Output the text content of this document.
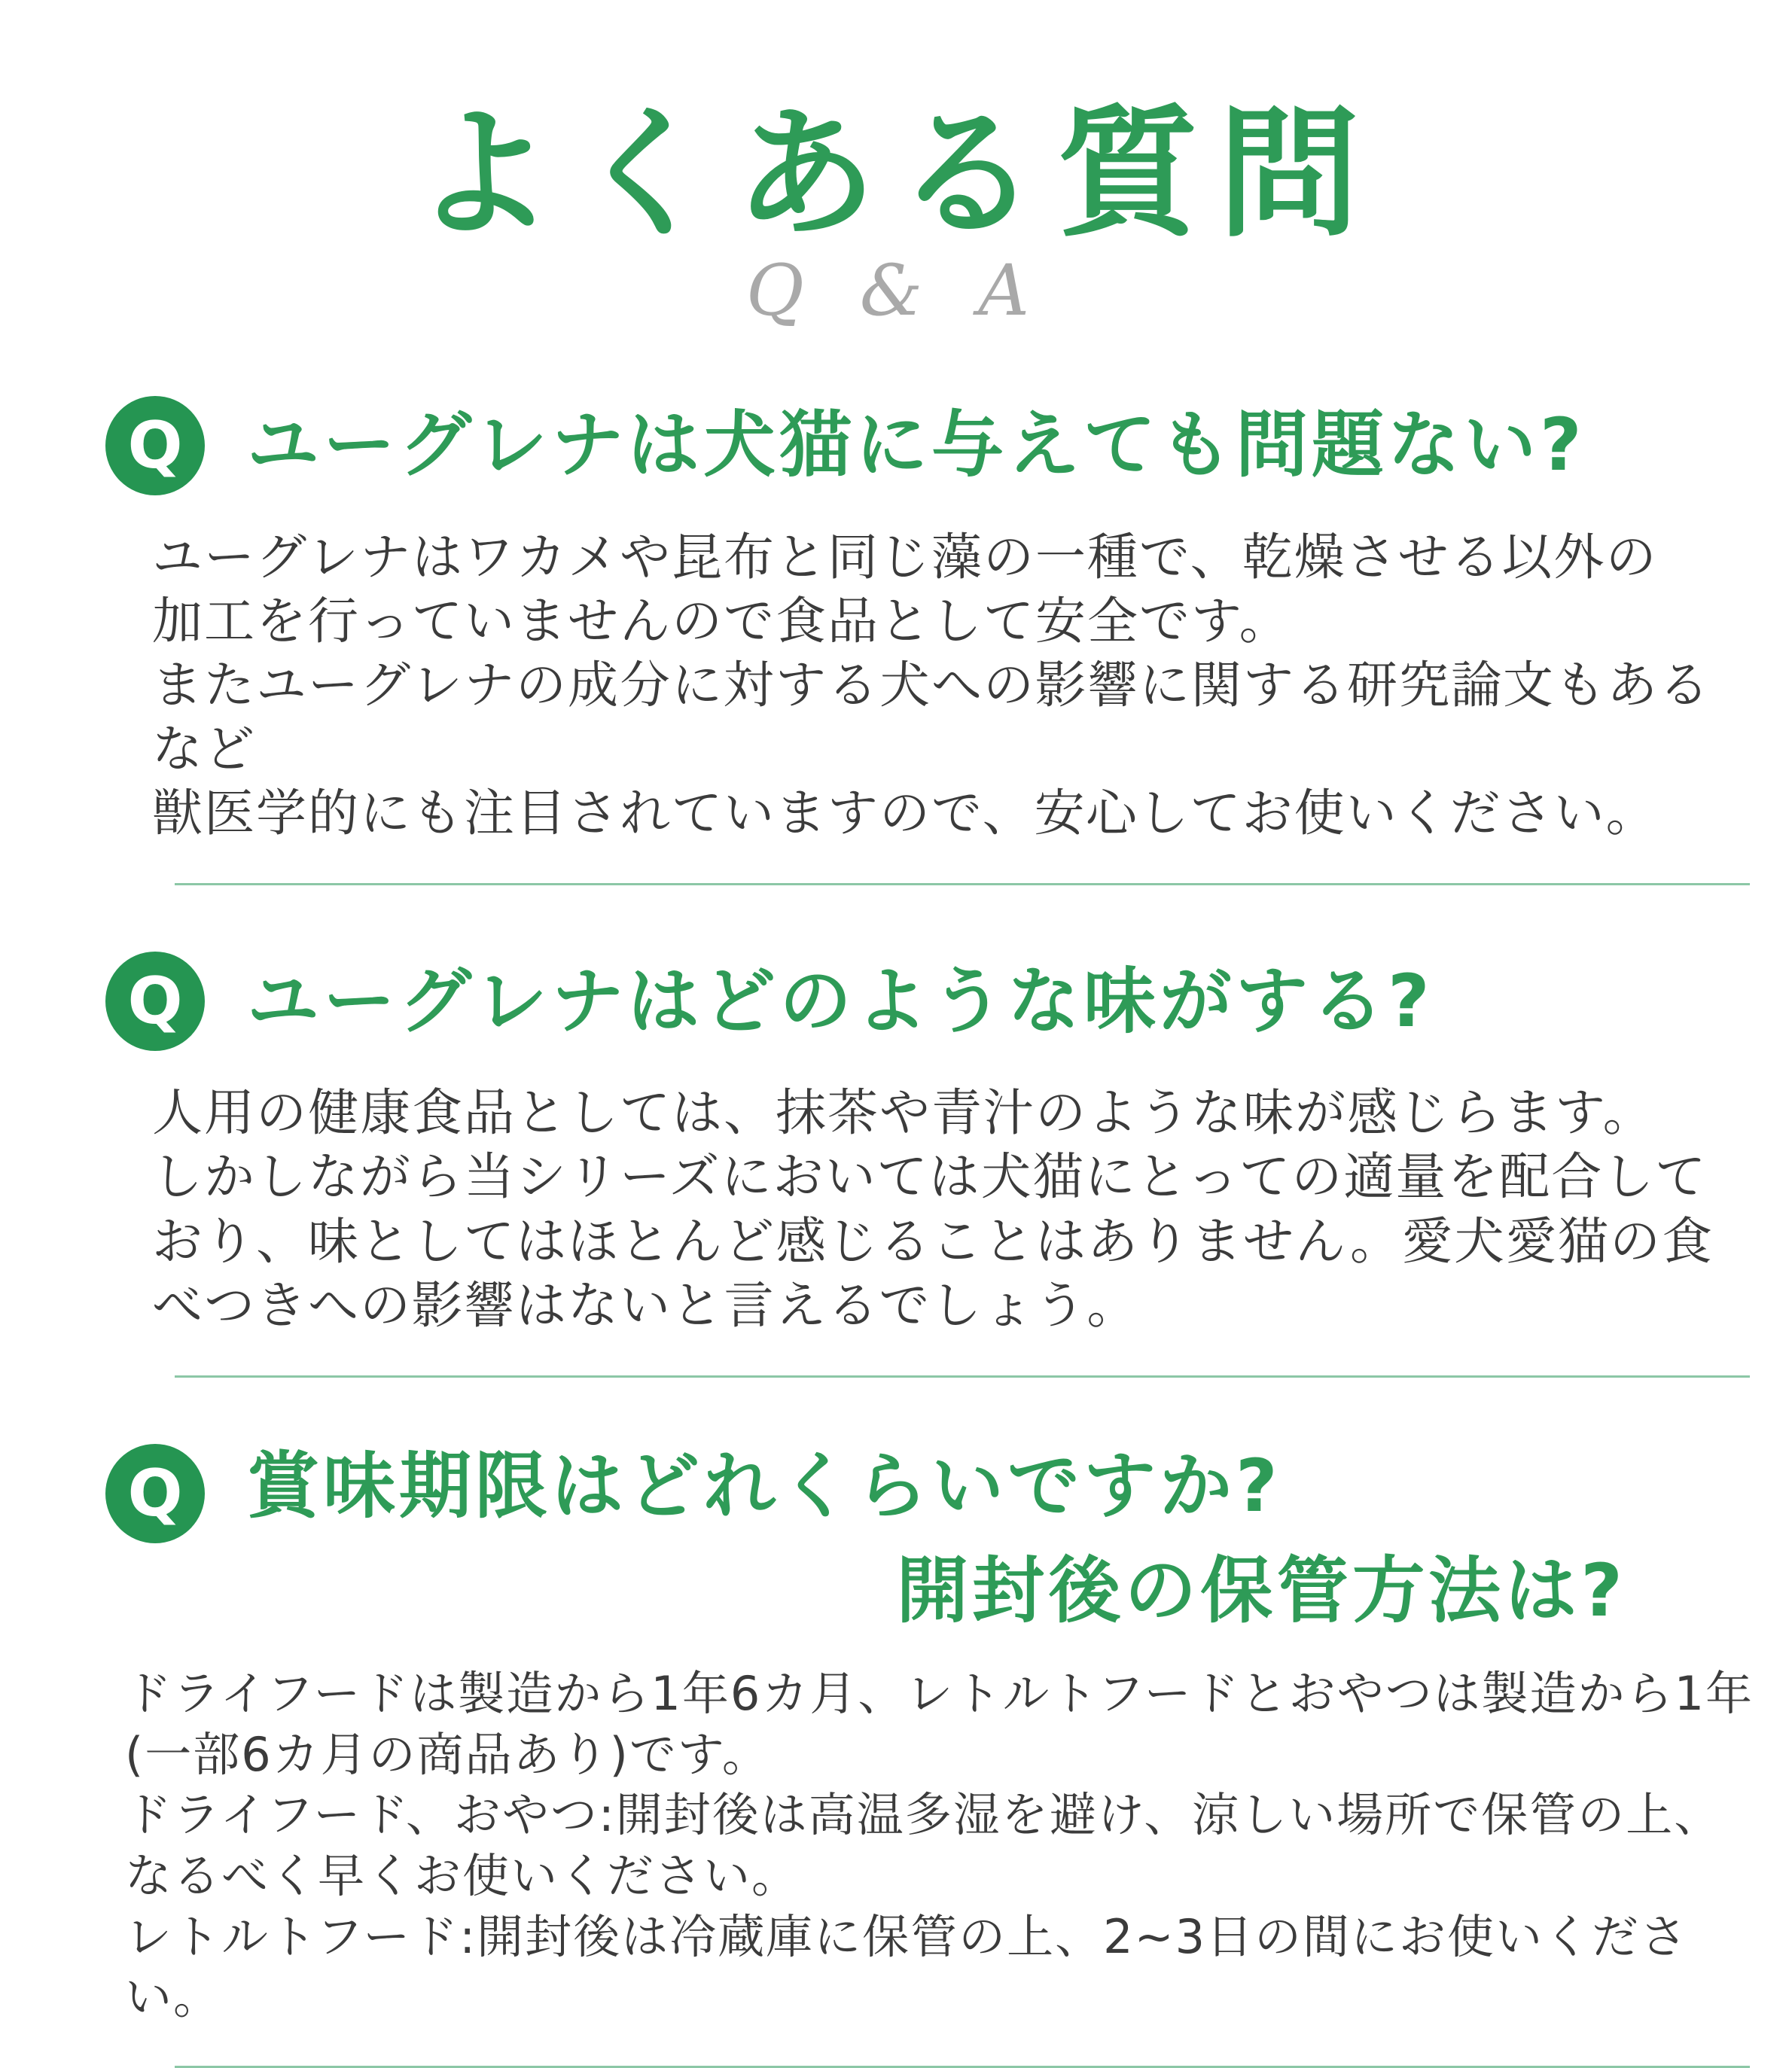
よくある質問
Q & A
Q ユーグレナは犬猫に与えても問題ない?
ユーグレナはワカメや昆布と同じ藻の一種で、乾燥させる以外の
加工を行っていませんので食品として安全です。
またユーグレナの成分に対する犬への影響に関する研究論文もあるなど
獣医学的にも注目されていますので、安心してお使いください。
Q ユーグレナはどのような味がする?
人用の健康食品としては、抹茶や青汁のような味が感じらます。
しかしながら当シリーズにおいては犬猫にとっての適量を配合して
おり、味としてはほとんど感じることはありません。愛犬愛猫の食
べつきへの影響はないと言えるでしょう。
Q 賞味期限はどれくらいですか?
開封後の保管方法は?
ドライフードは製造から1年6カ月、レトルトフードとおやつは製造から1年
(一部6カ月の商品あり)です。
ドライフード、おやつ:開封後は高温多湿を避け、涼しい場所で保管の上、
なるべく早くお使いください。
レトルトフード:開封後は冷蔵庫に保管の上、2~3日の間にお使いください。
